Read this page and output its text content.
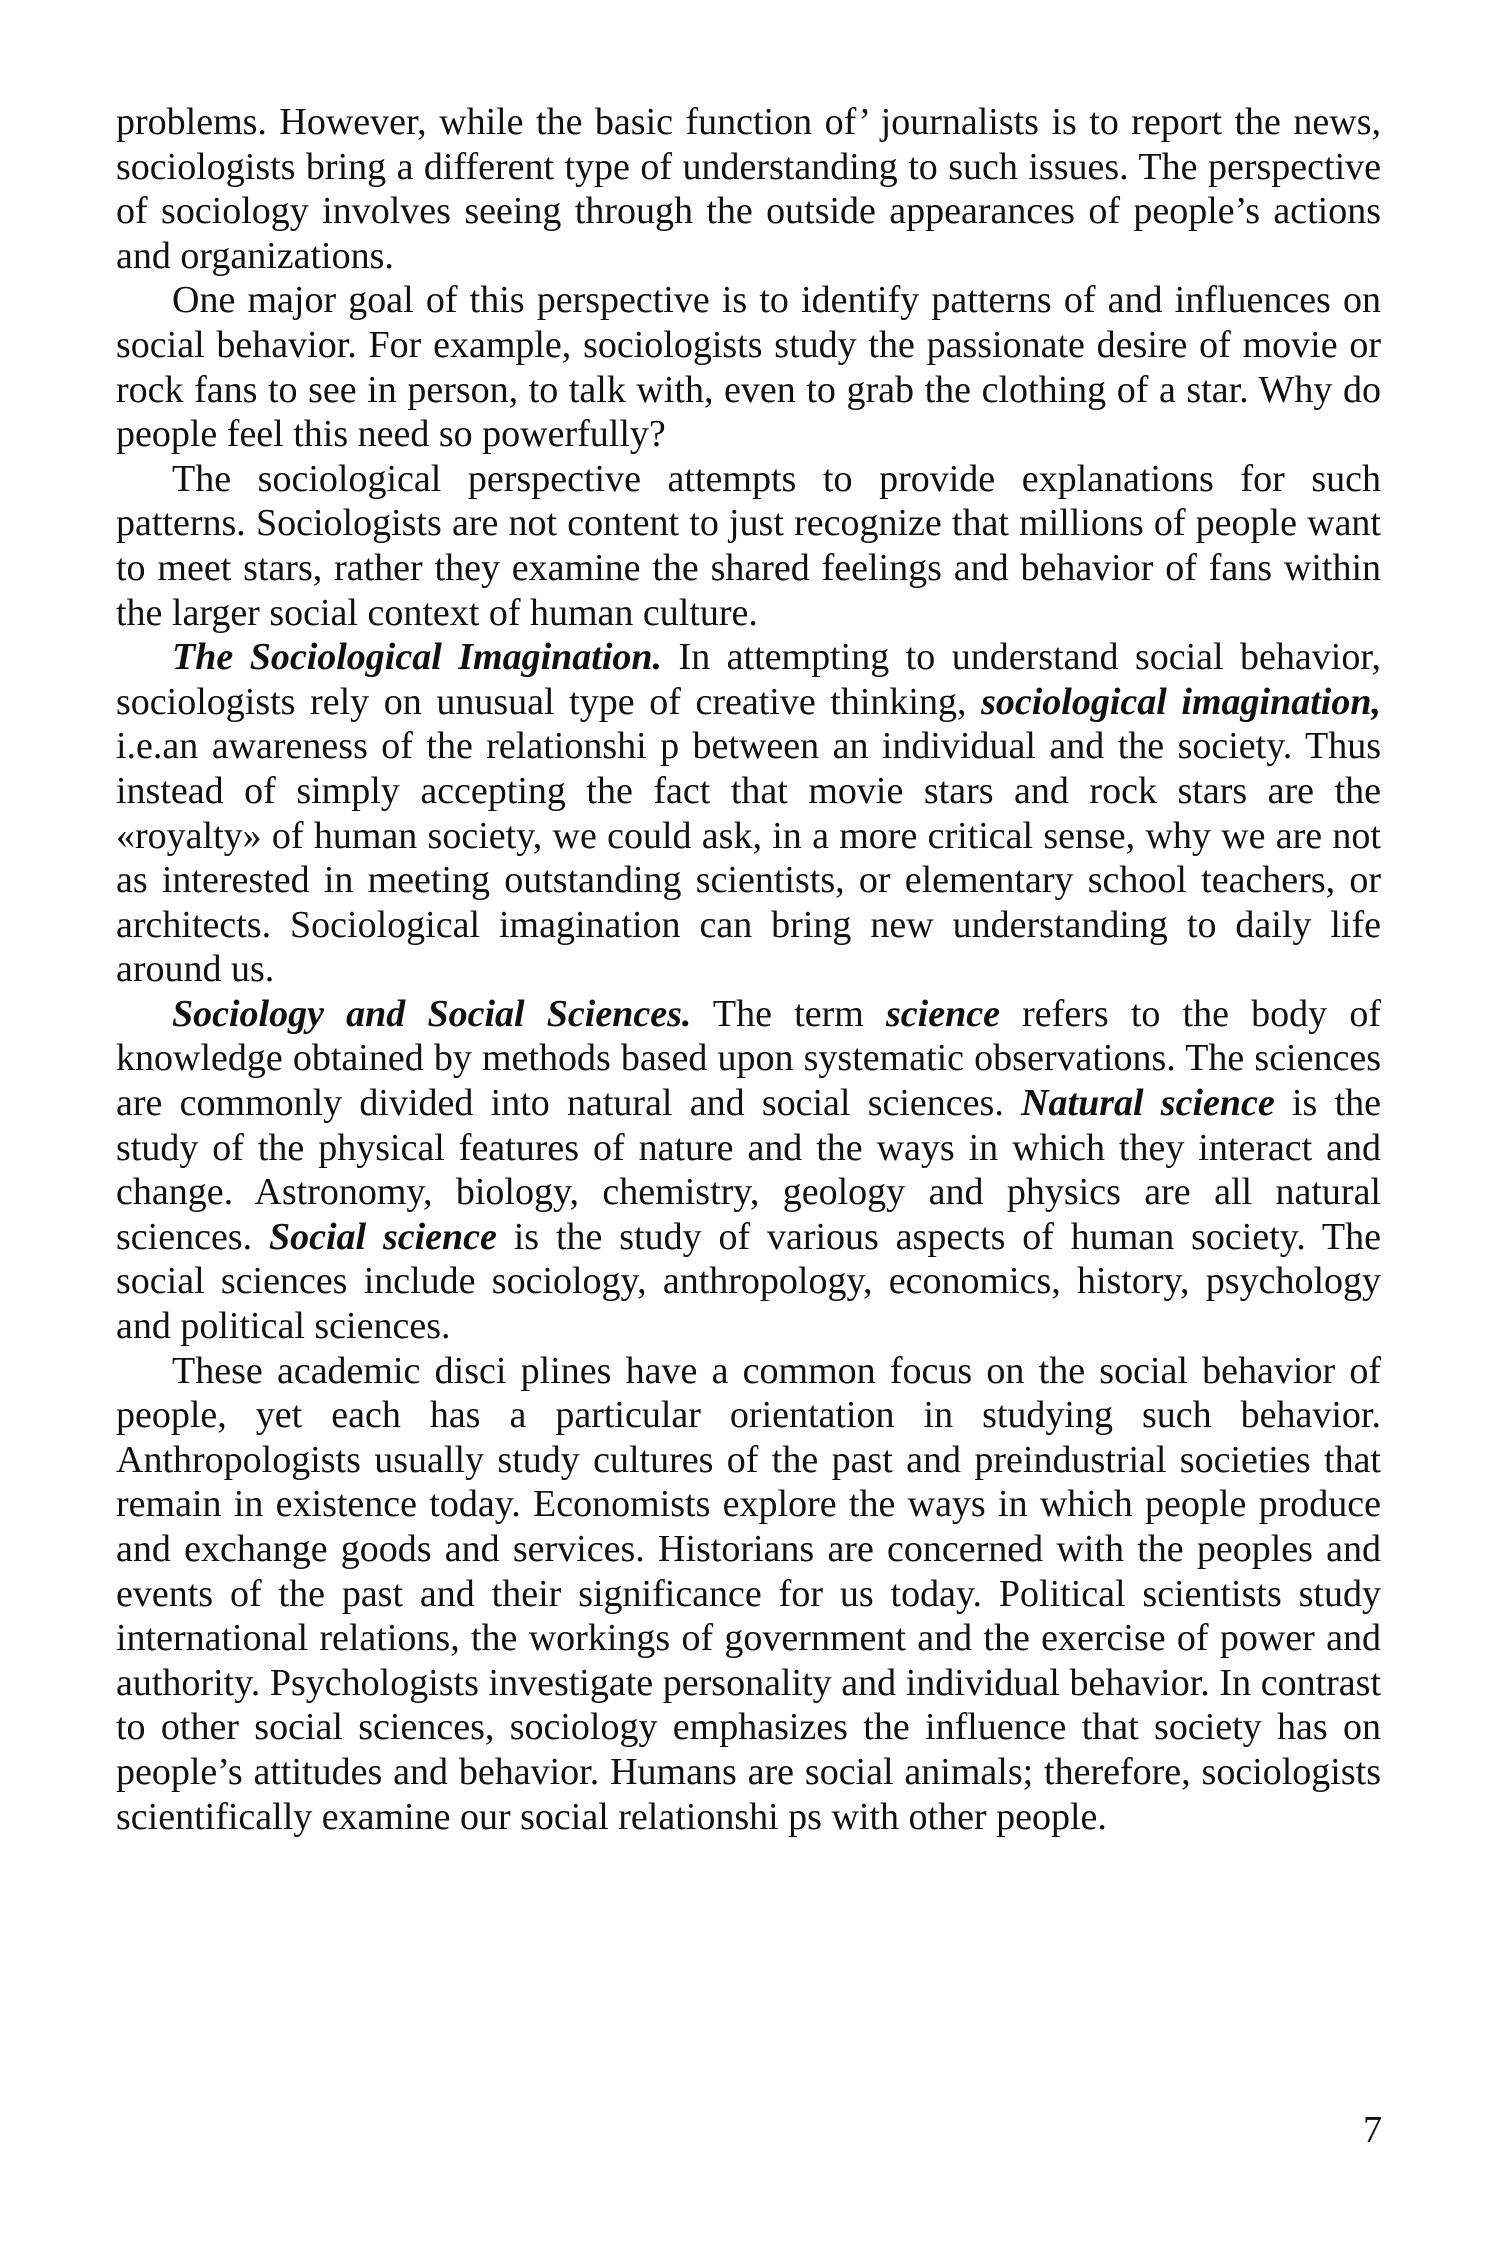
problems. However, while the basic function of’ journalists is to report the news, sociologists bring a different type of understanding to such issues. The perspective of sociology involves seeing through the outside appearances of people’s actions and organizations.

One major goal of this perspective is to identify patterns of and influences on social behavior. For example, sociologists study the passionate desire of movie or rock fans to see in person, to talk with, even to grab the clothing of a star. Why do people feel this need so powerfully?

The sociological perspective attempts to provide explanations for such patterns. Sociologists are not content to just recognize that millions of people want to meet stars, rather they examine the shared feelings and behavior of fans within the larger social context of human culture.

The Sociological Imagination. In attempting to understand social behavior, sociologists rely on unusual type of creative thinking, sociological imagination, i.e.an awareness of the relationshi p between an individual and the society. Thus instead of simply accepting the fact that movie stars and rock stars are the «royalty» of human society, we could ask, in a more critical sense, why we are not as interested in meeting outstanding scientists, or elementary school teachers, or architects. Sociological imagination can bring new understanding to daily life around us.

Sociology and Social Sciences. The term science refers to the body of knowledge obtained by methods based upon systematic observations. The sciences are commonly divided into natural and social sciences. Natural science is the study of the physical features of nature and the ways in which they interact and change. Astronomy, biology, chemistry, geology and physics are all natural sciences. Social science is the study of various aspects of human society. The social sciences include sociology, anthropology, economics, history, psychology and political sciences.

These academic disci plines have a common focus on the social behavior of people, yet each has a particular orientation in studying such behavior. Anthropologists usually study cultures of the past and preindustrial societies that remain in existence today. Economists explore the ways in which people produce and exchange goods and services. Historians are concerned with the peoples and events of the past and their significance for us today. Political scientists study international relations, the workings of government and the exercise of power and authority. Psychologists investigate personality and individual behavior. In contrast to other social sciences, sociology emphasizes the influence that society has on people’s attitudes and behavior. Humans are social animals; therefore, sociologists scientifically examine our social relationshi ps with other people.

7
